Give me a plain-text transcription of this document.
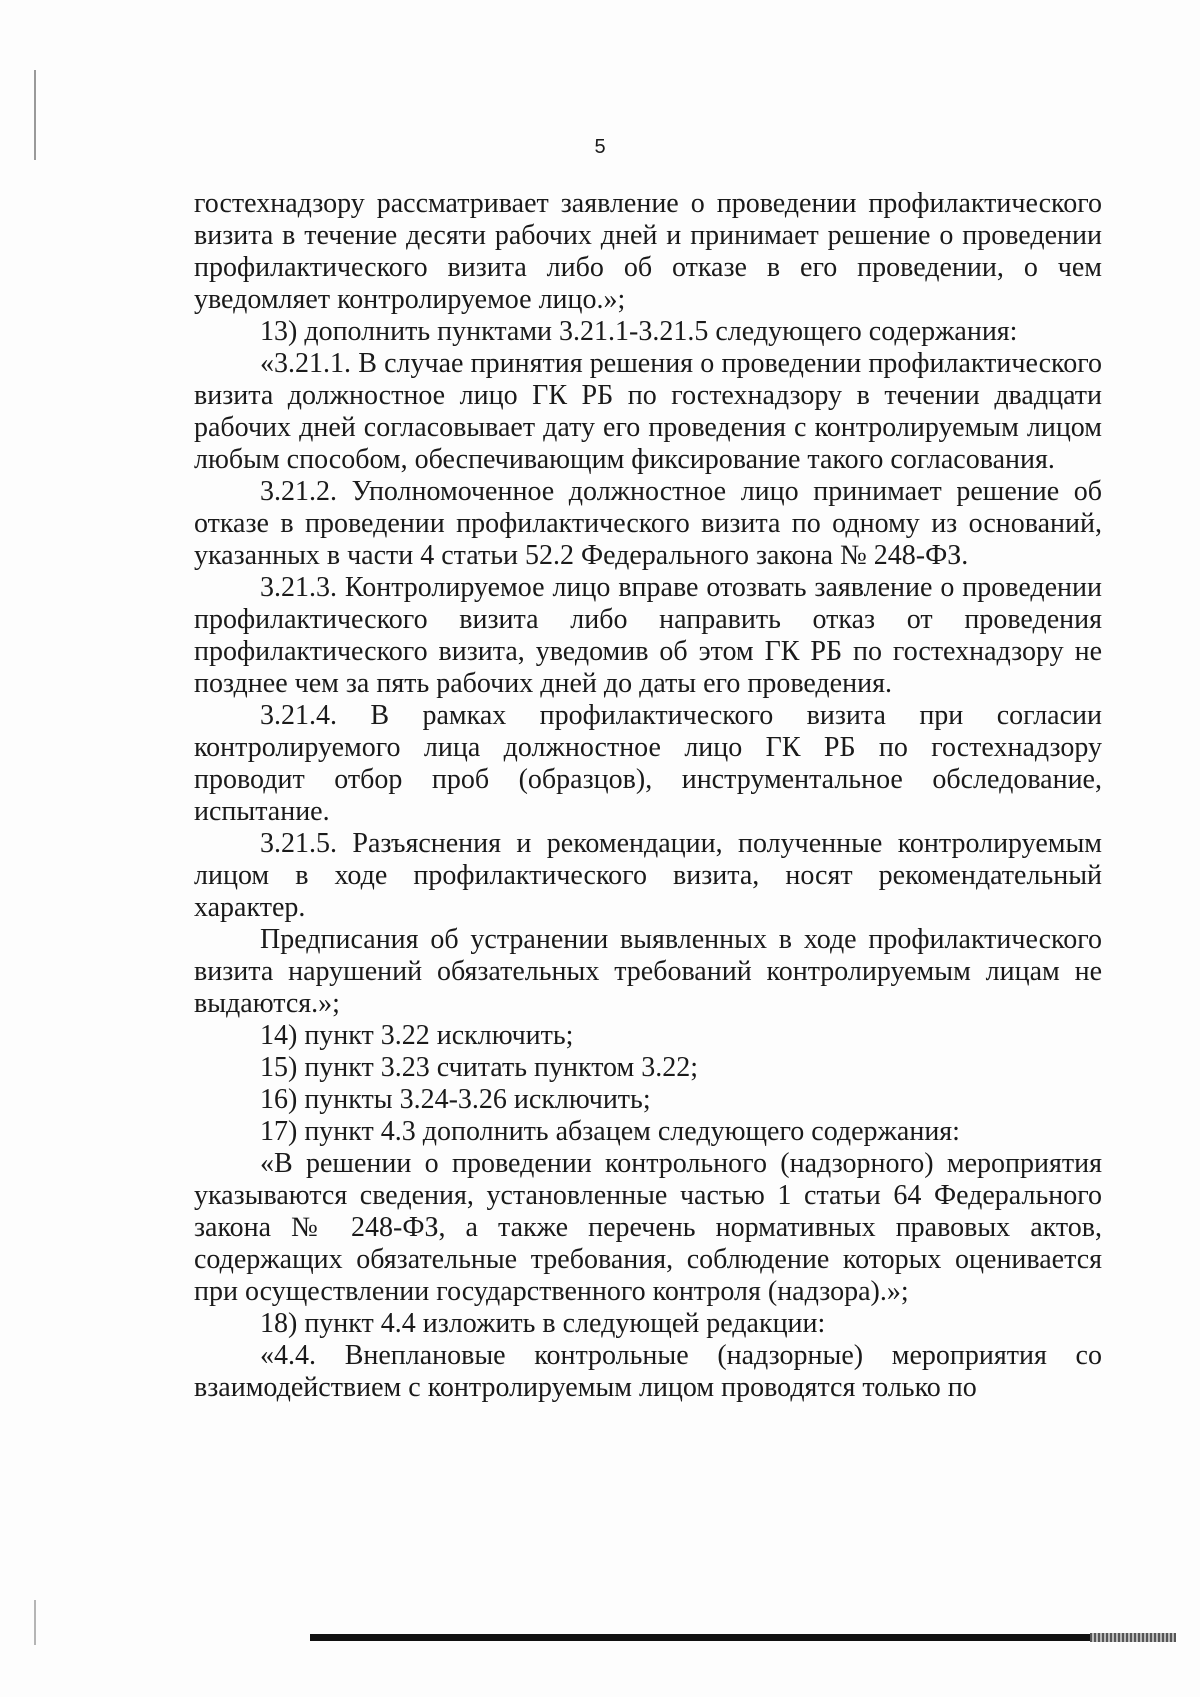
5

гостехнадзору рассматривает заявление о проведении профилактического визита в течение десяти рабочих дней и принимает решение о проведении профилактического визита либо об отказе в его проведении, о чем уведомляет контролируемое лицо.»;

13) дополнить пунктами 3.21.1-3.21.5 следующего содержания:

«3.21.1. В случае принятия решения о проведении профилактического визита должностное лицо ГК РБ по гостехнадзору в течении двадцати рабочих дней согласовывает дату его проведения с контролируемым лицом любым способом, обеспечивающим фиксирование такого согласования.

3.21.2. Уполномоченное должностное лицо принимает решение об отказе в проведении профилактического визита по одному из оснований, указанных в части 4 статьи 52.2 Федерального закона № 248-ФЗ.

3.21.3. Контролируемое лицо вправе отозвать заявление о проведении профилактического визита либо направить отказ от проведения профилактического визита, уведомив об этом ГК РБ по гостехнадзору не позднее чем за пять рабочих дней до даты его проведения.

3.21.4. В рамках профилактического визита при согласии контролируемого лица должностное лицо ГК РБ по гостехнадзору проводит отбор проб (образцов), инструментальное обследование, испытание.

3.21.5. Разъяснения и рекомендации, полученные контролируемым лицом в ходе профилактического визита, носят рекомендательный характер.

Предписания об устранении выявленных в ходе профилактического визита нарушений обязательных требований контролируемым лицам не выдаются.»;

14) пункт 3.22 исключить;

15) пункт 3.23 считать пунктом 3.22;

16) пункты 3.24-3.26 исключить;

17) пункт 4.3 дополнить абзацем следующего содержания:

«В решении о проведении контрольного (надзорного) мероприятия указываются сведения, установленные частью 1 статьи 64 Федерального закона № 248-ФЗ, а также перечень нормативных правовых актов, содержащих обязательные требования, соблюдение которых оценивается при осуществлении государственного контроля (надзора).»;

18) пункт 4.4 изложить в следующей редакции:

«4.4. Внеплановые контрольные (надзорные) мероприятия со взаимодействием с контролируемым лицом проводятся только по
